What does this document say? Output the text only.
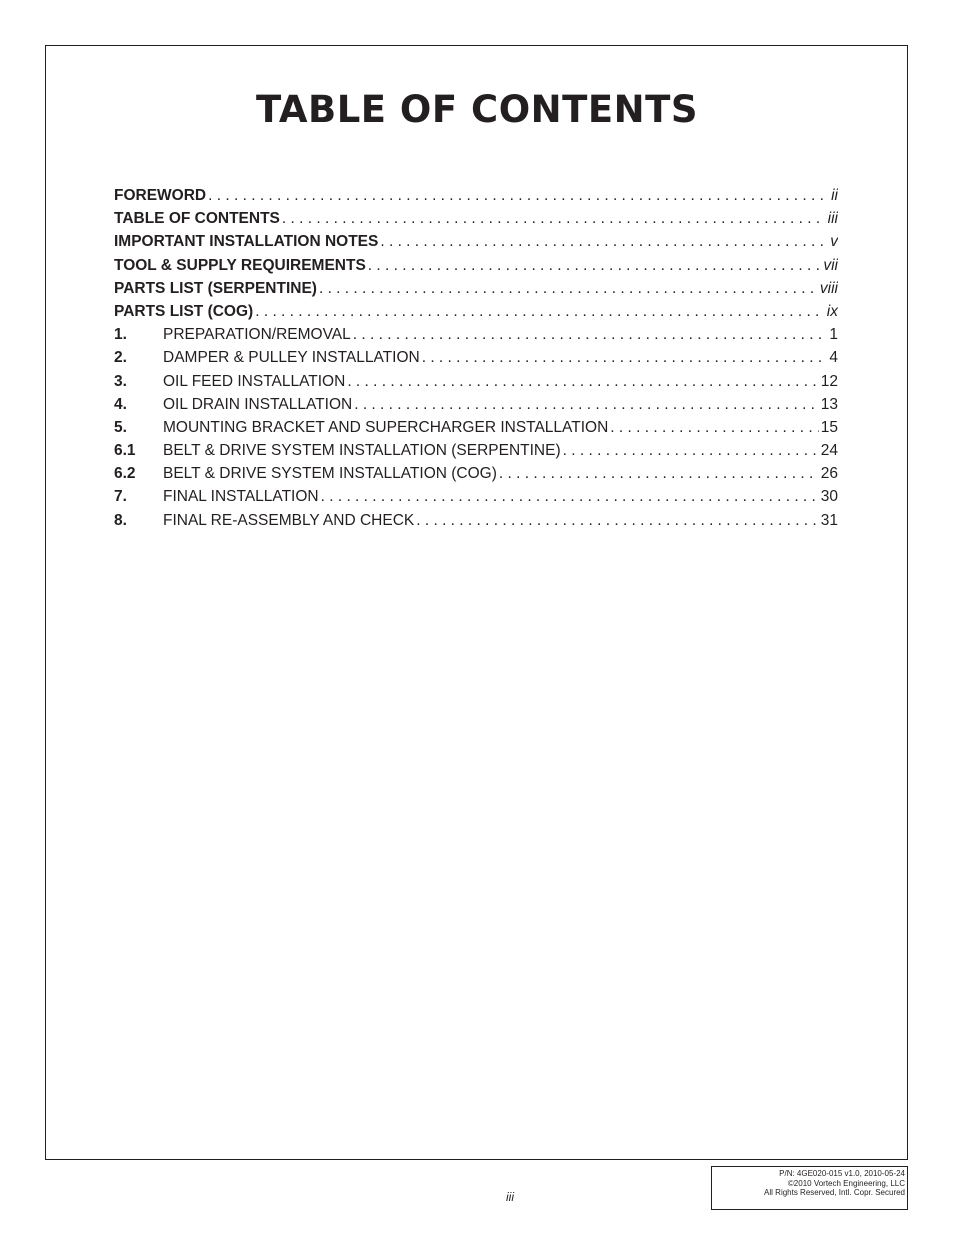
TABLE OF CONTENTS
FOREWORD . . .	ii
TABLE OF CONTENTS . . .	iii
IMPORTANT INSTALLATION NOTES . . .	v
TOOL & SUPPLY REQUIREMENTS . . .	vii
PARTS LIST (SERPENTINE) . . .	viii
PARTS LIST (COG) . . .	ix
1.	PREPARATION/REMOVAL . . .	1
2.	DAMPER & PULLEY INSTALLATION . . .	4
3.	OIL FEED INSTALLATION . . .	12
4.	OIL DRAIN INSTALLATION . . .	13
5.	MOUNTING BRACKET AND SUPERCHARGER INSTALLATION . . .	15
6.1	BELT & DRIVE SYSTEM INSTALLATION (SERPENTINE) . . .	24
6.2	BELT & DRIVE SYSTEM INSTALLATION (COG) . . .	26
7.	FINAL INSTALLATION . . .	30
8.	FINAL RE-ASSEMBLY AND CHECK . . .	31
iii
P/N: 4GE020-015 v1.0, 2010-05-24
©2010 Vortech Engineering, LLC
All Rights Reserved, Intl. Copr. Secured
